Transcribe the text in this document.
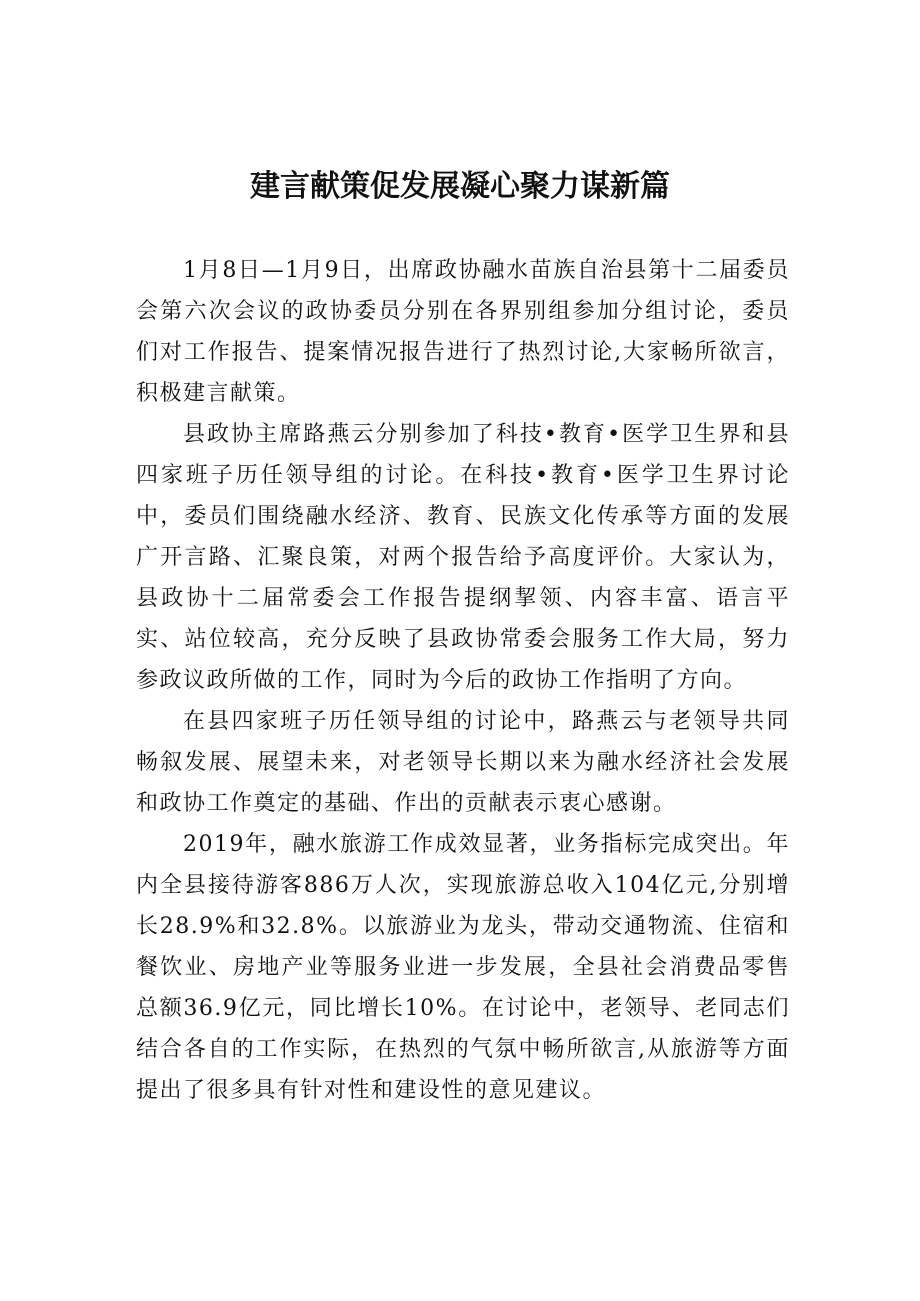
建言献策促发展凝心聚力谋新篇

1月8日—1月9日，出席政协融水苗族自治县第十二届委员会第六次会议的政协委员分别在各界别组参加分组讨论，委员们对工作报告、提案情况报告进行了热烈讨论,大家畅所欲言，积极建言献策。

县政协主席路燕云分别参加了科技•教育•医学卫生界和县四家班子历任领导组的讨论。在科技•教育•医学卫生界讨论中，委员们围绕融水经济、教育、民族文化传承等方面的发展广开言路、汇聚良策，对两个报告给予高度评价。大家认为，县政协十二届常委会工作报告提纲挈领、内容丰富、语言平实、站位较高，充分反映了县政协常委会服务工作大局，努力参政议政所做的工作，同时为今后的政协工作指明了方向。

在县四家班子历任领导组的讨论中，路燕云与老领导共同畅叙发展、展望未来，对老领导长期以来为融水经济社会发展和政协工作奠定的基础、作出的贡献表示衷心感谢。

2019年，融水旅游工作成效显著，业务指标完成突出。年内全县接待游客886万人次，实现旅游总收入104亿元,分别增长28.9%和32.8%。以旅游业为龙头，带动交通物流、住宿和餐饮业、房地产业等服务业进一步发展，全县社会消费品零售总额36.9亿元，同比增长10%。在讨论中，老领导、老同志们结合各自的工作实际，在热烈的气氛中畅所欲言,从旅游等方面提出了很多具有针对性和建设性的意见建议。
